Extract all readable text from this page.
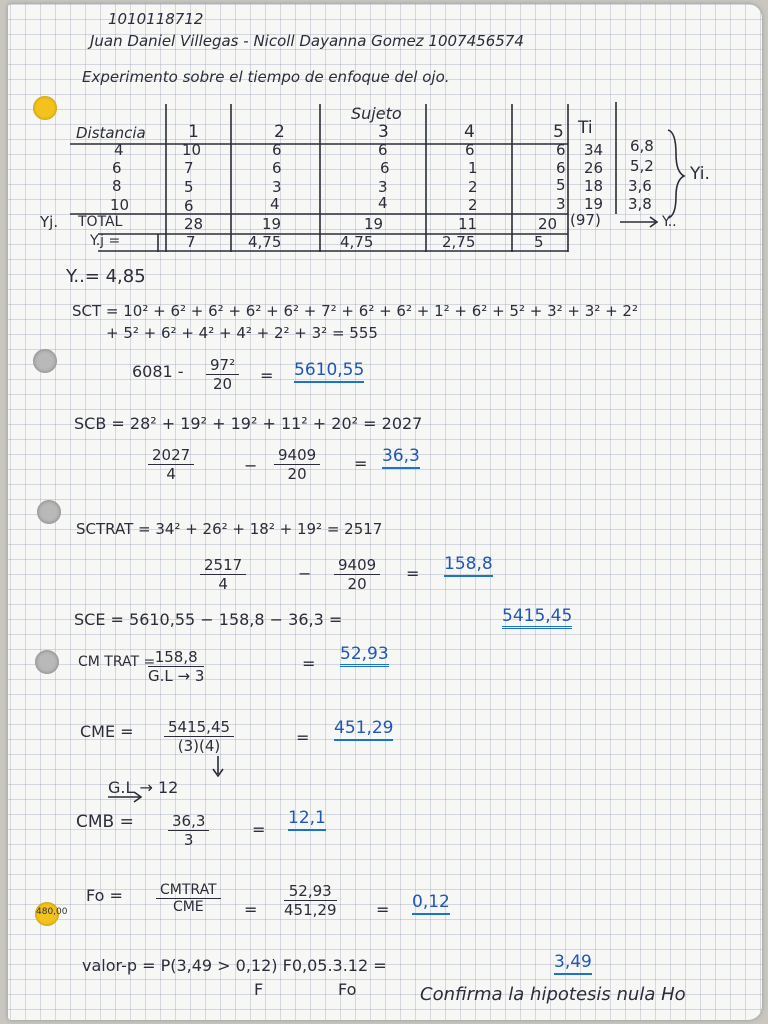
480,00
1010118712
Juan Daniel Villegas - Nicoll Dayanna Gomez 1007456574
Experimento sobre el tiempo de enfoque del ojo.
Sujeto
Distancia 1	2	3	4	5 Ti
4	10	6	6	6	6 34 6,8
6	7	6	6	1	6 26 5,2
8	5	3	3	2	5 18 3,6
10	6	4	4	2	3 19 3,8
Yi.
Yj. TOTAL	28	19	19	11	20 (97)	Y..
Y.j =	7	4,75	4,75	2,75	5
Y..= 4,85
SCT = 10² + 6² + 6² + 6² + 6² + 7² + 6² + 6² + 1² + 6² + 5² + 3² + 3² + 2²
+ 5² + 6² + 4² + 4² + 2² + 3² = 555
$6081 - \frac{\text{97²}}{20} = 5610,55$
SCB = 28² + 19² + 19² + 11² + 20² = 2027
$\frac{2027}{4}$	− $\frac{9409}{20} = 36,3$
SCTRAT = 34² + 26² + 18² + 19² = 2517
$\frac{2517}{4}$	− $\frac{9409}{20} = 158,8$
SCE = 5610,55 − 158,8 − 36,3 =	5415,45
CM TRAT =
$\frac{158,8}{G.L \to 3}$	= 52,93
CME = $\frac{5415,45}{(3)(4)}$	= 451,29
G.L → 12
CMB = $\frac{36,3}{3}$	=
12,1
Fo =	CMTRAT
CME	= $\frac{52,93}{451,29} = 0,12$
valor-p = P(3,49 > 0,12) F0,05.3.12 =	3,49
F	Fo	Confirma la hipotesis nula Ho
